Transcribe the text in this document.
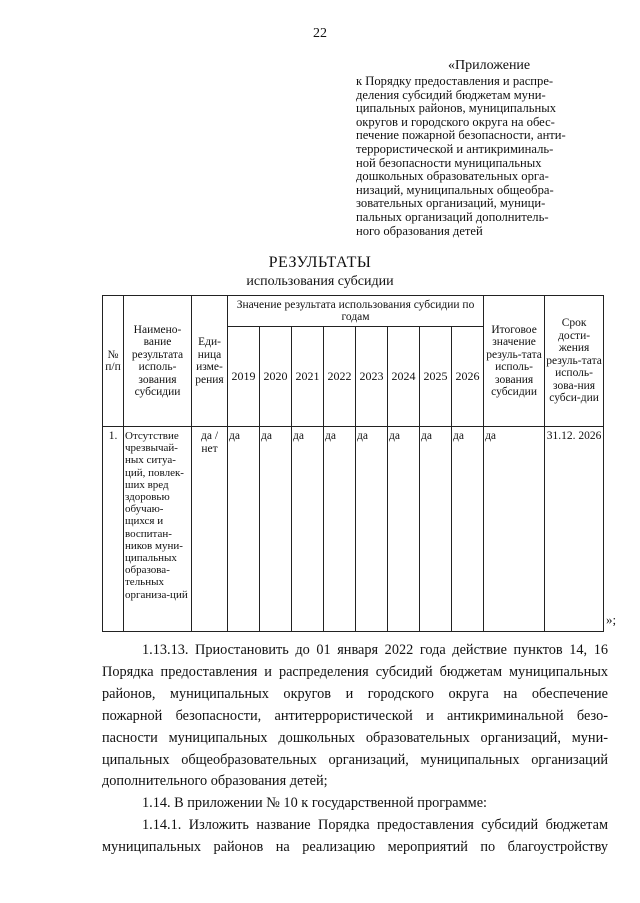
22
«Приложение
к Порядку предоставления и распре-
деления субсидий бюджетам муни-
ципальных районов, муниципальных
округов и городского округа на обес-
печение пожарной безопасности, анти-
террористической и антикриминаль-
ной безопасности муниципальных
дошкольных образовательных орга-
низаций, муниципальных общеобра-
зовательных организаций, муници-
пальных организаций дополнитель-
ного образования детей
РЕЗУЛЬТАТЫ
использования субсидии
№ п/п	Наимено-вание результата исполь-зования субсидии	Еди-ница изме-рения	Значение результата использования субсидии по годам								Итоговое значение резуль-тата исполь-зования субсидии	Срок дости-жения резуль-тата исполь-зова-ния субси-дии
			2019	2020	2021	2022	2023	2024	2025	2026		
1.	Отсутствие чрезвычай-ных ситуа-ций, повлек-ших вред здоровью обучаю-щихся и воспитан-ников муни-ципальных образова-тельных организа-ций	да / нет	да	да	да	да	да	да	да	да	да	31.12. 2026
»;
1.13.13. Приостановить до 01 января 2022 года действие пунктов 14, 16
Порядка предоставления и распределения субсидий бюджетам муниципальных
районов, муниципальных округов и городского округа на обеспечение
пожарной безопасности, антитеррористической и антикриминальной безо-
пасности муниципальных дошкольных образовательных организаций, муни-
ципальных общеобразовательных организаций, муниципальных организаций
дополнительного образования детей;
1.14. В приложении № 10 к государственной программе:
1.14.1. Изложить название Порядка предоставления субсидий бюджетам
муниципальных районов на реализацию мероприятий по благоустройству
